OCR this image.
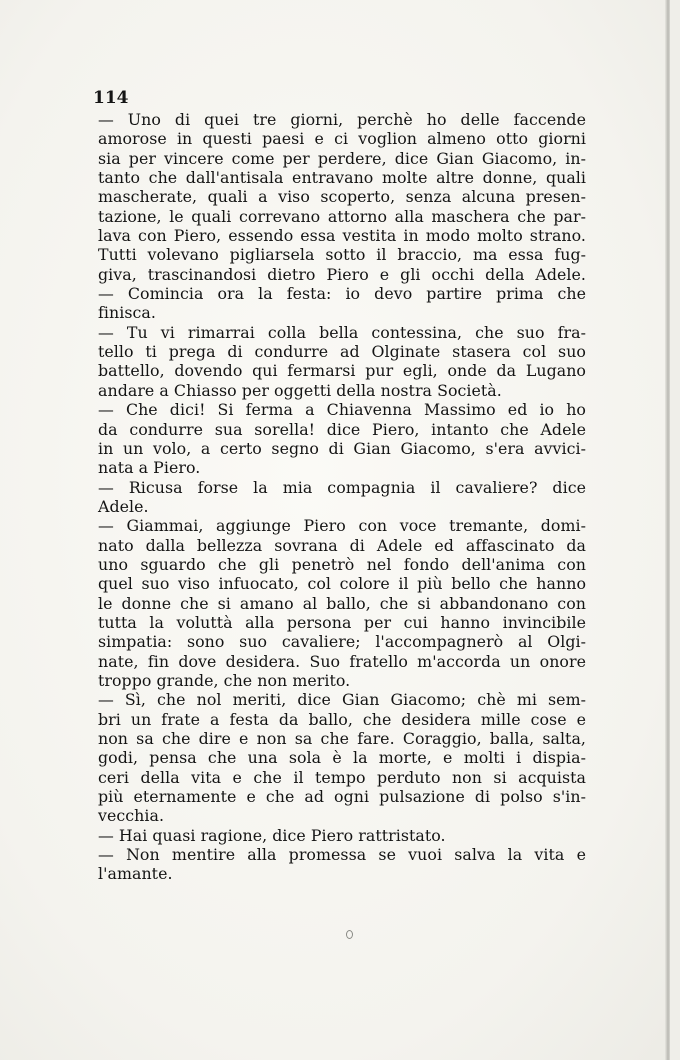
114
— Uno di quei tre giorni, perchè ho delle faccende
amorose in questi paesi e ci voglion almeno otto giorni
sia per vincere come per perdere, dice Gian Giacomo, in-
tanto che dall'antisala entravano molte altre donne, quali
mascherate, quali a viso scoperto, senza alcuna presen-
tazione, le quali correvano attorno alla maschera che par-
lava con Piero, essendo essa vestita in modo molto strano.
Tutti volevano pigliarsela sotto il braccio, ma essa fug-
giva, trascinandosi dietro Piero e gli occhi della Adele.
— Comincia ora la festa: io devo partire prima che
finisca.
— Tu vi rimarrai colla bella contessina, che suo fra-
tello ti prega di condurre ad Olginate stasera col suo
battello, dovendo qui fermarsi pur egli, onde da Lugano
andare a Chiasso per oggetti della nostra Società.
— Che dici! Si ferma a Chiavenna Massimo ed io ho
da condurre sua sorella! dice Piero, intanto che Adele
in un volo, a certo segno di Gian Giacomo, s'era avvici-
nata a Piero.
— Ricusa forse la mia compagnia il cavaliere? dice
Adele.
— Giammai, aggiunge Piero con voce tremante, domi-
nato dalla bellezza sovrana di Adele ed affascinato da
uno sguardo che gli penetrò nel fondo dell'anima con
quel suo viso infuocato, col colore il più bello che hanno
le donne che si amano al ballo, che si abbandonano con
tutta la voluttà alla persona per cui hanno invincibile
simpatia: sono suo cavaliere; l'accompagnerò al Olgi-
nate, fin dove desidera. Suo fratello m'accorda un onore
troppo grande, che non merito.
— Sì, che nol meriti, dice Gian Giacomo; chè mi sem-
bri un frate a festa da ballo, che desidera mille cose e
non sa che dire e non sa che fare. Coraggio, balla, salta,
godi, pensa che una sola è la morte, e molti i dispia-
ceri della vita e che il tempo perduto non si acquista
più eternamente e che ad ogni pulsazione di polso s'in-
vecchia.
— Hai quasi ragione, dice Piero rattristato.
— Non mentire alla promessa se vuoi salva la vita e
l'amante.
